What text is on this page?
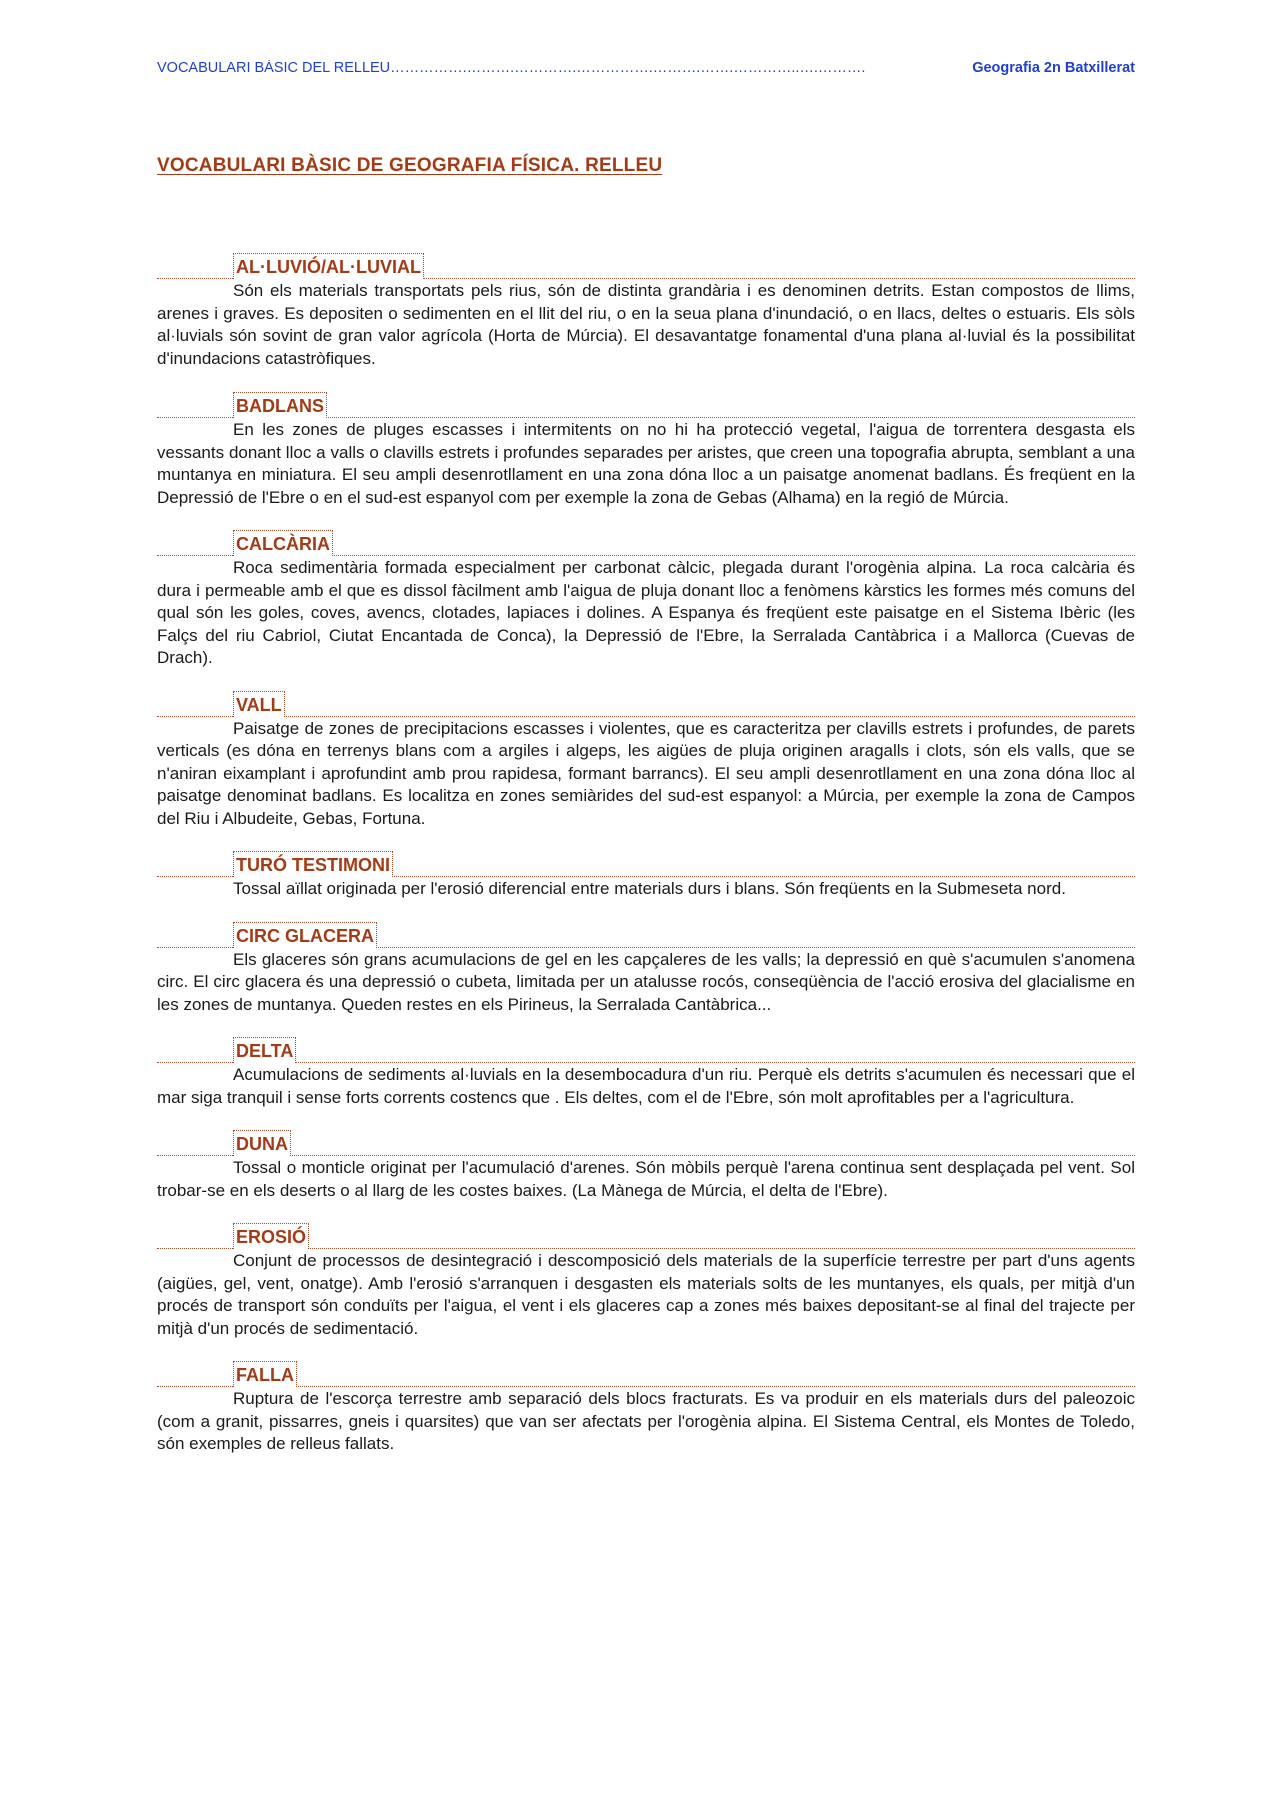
VOCABULARI BÀSIC DEL RELLEU…………….……….………….…………….……….…….…………..….……….	Geografia 2n Batxillerat
VOCABULARI BÀSIC DE GEOGRAFIA FÍSICA. RELLEU
AL·LUVIÓ/AL·LUVIAL

Són els materials transportats pels rius, són de distinta grandària i es denominen detrits. Estan compostos de llims, arenes i graves. Es depositen o sedimenten en el llit del riu, o en la seua plana d'inundació, o en llacs, deltes o estuaris. Els sòls al·luvials són sovint de gran valor agrícola (Horta de Múrcia). El desavantatge fonamental d'una plana al·luvial és la possibilitat d'inundacions catastròfiques.

BADLANS

En les zones de pluges escasses i intermitents on no hi ha protecció vegetal, l'aigua de torrentera desgasta els vessants donant lloc a valls o clavills estrets i profundes separades per aristes, que creen una topografia abrupta, semblant a una muntanya en miniatura. El seu ampli desenrotllament en una zona dóna lloc a un paisatge anomenat badlans. És freqüent en la Depressió de l'Ebre o en el sud-est espanyol com per exemple la zona de Gebas (Alhama) en la regió de Múrcia.

CALCÀRIA

Roca sedimentària formada especialment per carbonat càlcic, plegada durant l'orogènia alpina. La roca calcària és dura i permeable amb el que es dissol fàcilment amb l'aigua de pluja donant lloc a fenòmens kàrstics les formes més comuns del qual són les goles, coves, avencs, clotades, lapiaces i dolines. A Espanya és freqüent este paisatge en el Sistema Ibèric (les Falçs del riu Cabriol, Ciutat Encantada de Conca), la Depressió de l'Ebre, la Serralada Cantàbrica i a Mallorca (Cuevas de Drach).

VALL

Paisatge de zones de precipitacions escasses i violentes, que es caracteritza per clavills estrets i profundes, de parets verticals (es dóna en terrenys blans com a argiles i algeps, les aigües de pluja originen aragalls i clots, són els valls, que se n'aniran eixamplant i aprofundint amb prou rapidesa, formant barrancs). El seu ampli desenrotllament en una zona dóna lloc al paisatge denominat badlans. Es localitza en zones semiàrides del sud-est espanyol: a Múrcia, per exemple la zona de Campos del Riu i Albudeite, Gebas, Fortuna.

TURÓ TESTIMONI

Tossal aïllat originada per l'erosió diferencial entre materials durs i blans. Són freqüents en la Submeseta nord.

CIRC GLACERA

Els glaceres són grans acumulacions de gel en les capçaleres de les valls; la depressió en què s'acumulen s'anomena circ. El circ glacera és una depressió o cubeta, limitada per un atalusse rocós, conseqüència de l'acció erosiva del glacialisme en les zones de muntanya. Queden restes en els Pirineus, la Serralada Cantàbrica...

DELTA

Acumulacions de sediments al·luvials en la desembocadura d'un riu. Perquè els detrits s'acumulen és necessari que el mar siga tranquil i sense forts corrents costencs que . Els deltes, com el de l'Ebre, són molt aprofitables per a l'agricultura.

DUNA

Tossal o monticle originat per l'acumulació d'arenes. Són mòbils perquè l'arena continua sent desplaçada pel vent. Sol trobar-se en els deserts o al llarg de les costes baixes. (La Mànega de Múrcia, el delta de l'Ebre).

EROSIÓ

Conjunt de processos de desintegració i descomposició dels materials de la superfície terrestre per part d'uns agents (aigües, gel, vent, onatge). Amb l'erosió s'arranquen i desgasten els materials solts de les muntanyes, els quals, per mitjà d'un procés de transport són conduïts per l'aigua, el vent i els glaceres cap a zones més baixes depositant-se al final del trajecte per mitjà d'un procés de sedimentació.

FALLA

Ruptura de l'escorça terrestre amb separació dels blocs fracturats. Es va produir en els materials durs del paleozoic (com a granit, pissarres, gneis i quarsites) que van ser afectats per l'orogènia alpina. El Sistema Central, els Montes de Toledo, són exemples de relleus fallats.
